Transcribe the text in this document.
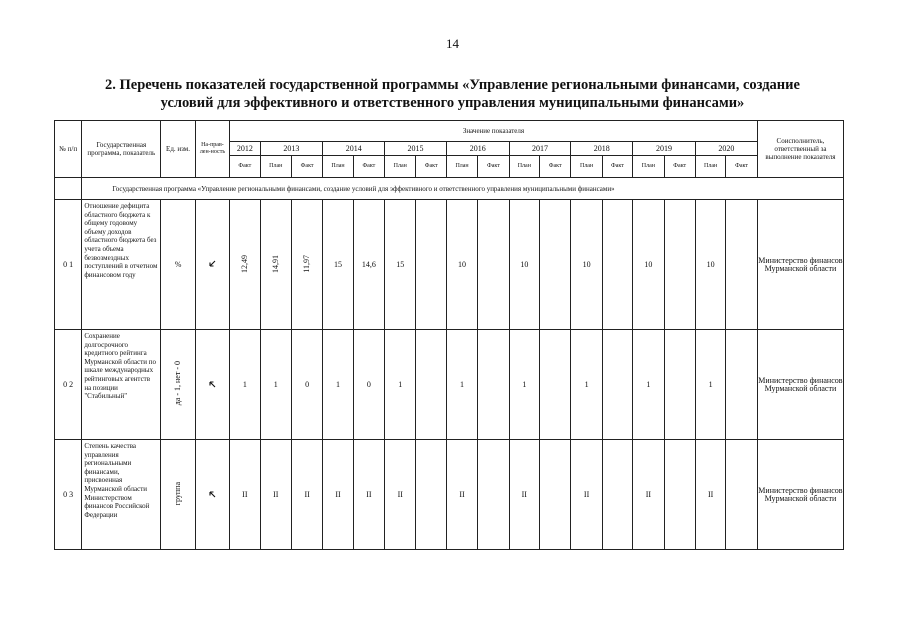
14
2. Перечень показателей государственной программы «Управление региональными финансами, создание
условий для эффективного и ответственного управления муниципальными финансами»
№ п/п	Государственная программа, показатель	Ед. изм.	На-прав-лен-ность	Значение показателя																	Соисполнитель, ответственный за выполнение показателя
				2012	2013		2014		2015		2016		2017		2018		2019		2020		
				Факт	План	Факт	План	Факт	План	Факт	План	Факт	План	Факт	План	Факт	План	Факт	План	Факт	
	Государственная программа «Управление региональными финансами, создание условий для эффективного и ответственного управления муниципальными финансами»																				
0 1	Отношение дефицита областного бюджета к общему годовому объему доходов областного бюджета без учета объема безвозмездных поступлений в отчетном финансовом году	%		12,49	14,91	11,97	15	14,6	15		10		10		10		10		10		Министерство финансов Мурманской области
0 2	Сохранение долгосрочного кредитного рейтинга Мурманской области по шкале международных рейтинговых агентств на позиции "Стабильный"	да - 1, нет - 0		1	1	0	1	0	1		1		1		1		1		1		Министерство финансов Мурманской области
0 3	Степень качества управления региональными финансами, присвоенная Мурманской области Министерством финансов Российской Федерации	группа		II	II	II	II	II	II		II		II		II		II		II		Министерство финансов Мурманской области
